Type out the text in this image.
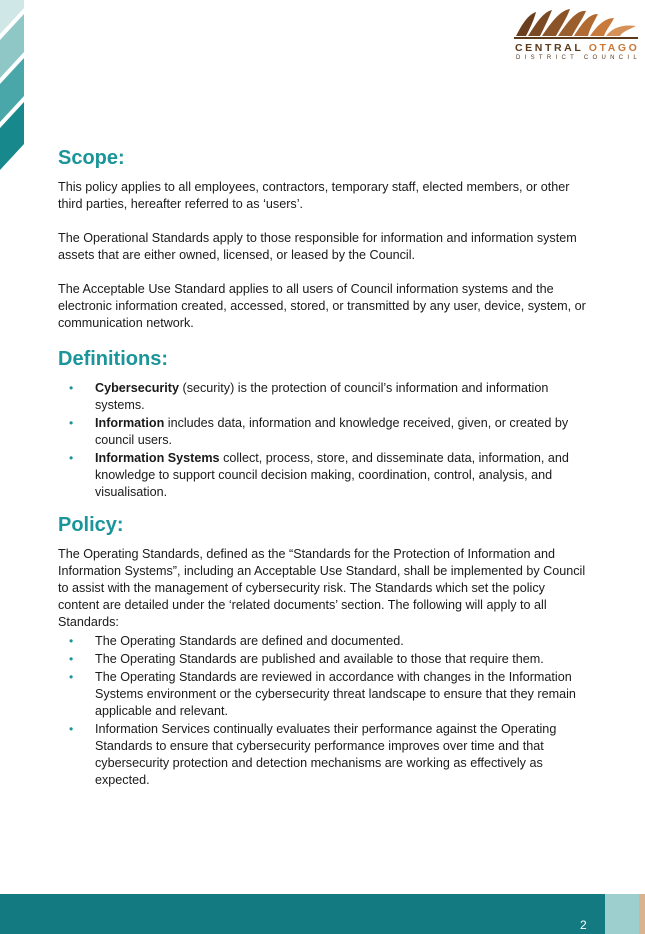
CENTRAL OTAGO
DISTRICT COUNCIL
Scope:

This policy applies to all employees, contractors, temporary staff, elected members, or other third parties, hereafter referred to as ‘users’.

The Operational Standards apply to those responsible for information and information system assets that are either owned, licensed, or leased by the Council.

The Acceptable Use Standard applies to all users of Council information systems and the electronic information created, accessed, stored, or transmitted by any user, device, system, or communication network.

Definitions:
• Cybersecurity (security) is the protection of council’s information and information systems.
• Information includes data, information and knowledge received, given, or created by council users.
• Information Systems collect, process, store, and disseminate data, information, and knowledge to support council decision making, coordination, control, analysis, and visualisation.
Policy:

The Operating Standards, defined as the “Standards for the Protection of Information and Information Systems”, including an Acceptable Use Standard, shall be implemented by Council to assist with the management of cybersecurity risk. The Standards which set the policy content are detailed under the ‘related documents’ section. The following will apply to all Standards:

• The Operating Standards are defined and documented.
• The Operating Standards are published and available to those that require them.
• The Operating Standards are reviewed in accordance with changes in the Information Systems environment or the cybersecurity threat landscape to ensure that they remain applicable and relevant.
• Information Services continually evaluates their performance against the Operating Standards to ensure that cybersecurity performance improves over time and that cybersecurity protection and detection mechanisms are working as effectively as expected.
2
